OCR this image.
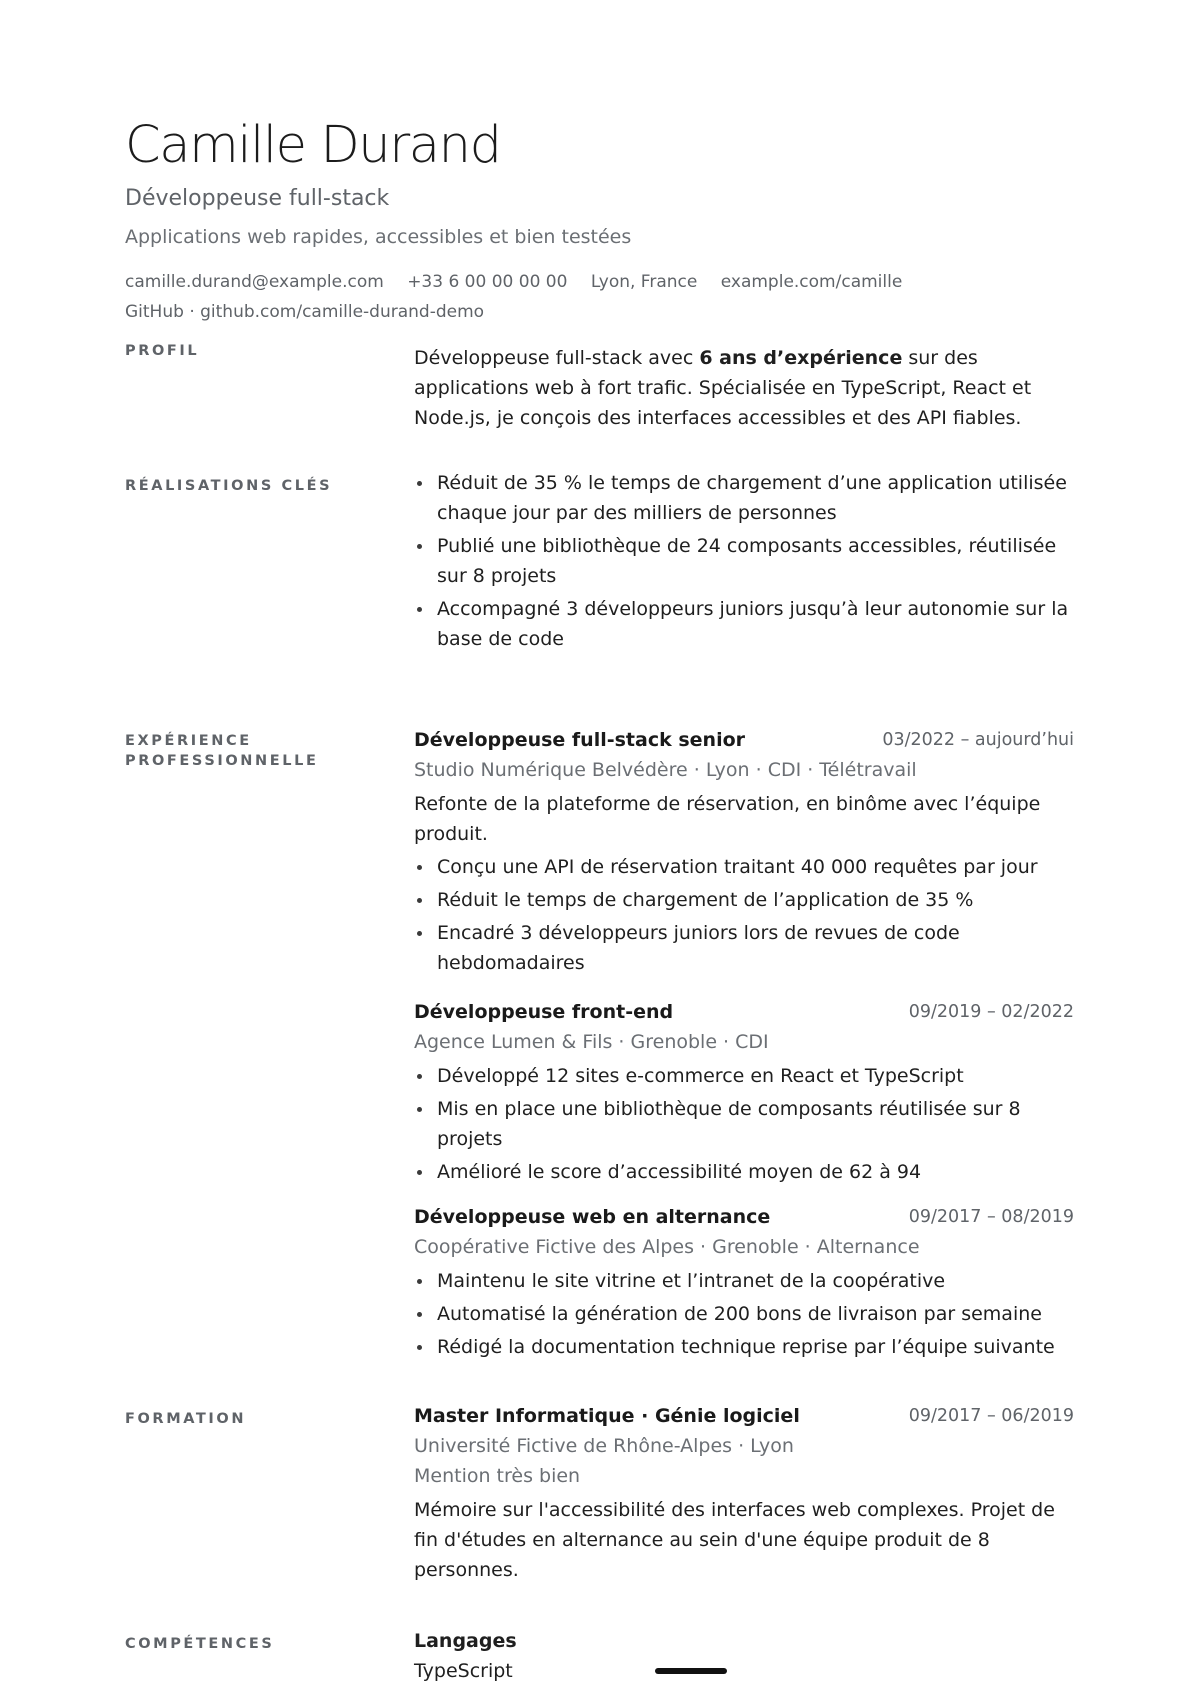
Camille Durand
Développeuse full-stack
Applications web rapides, accessibles et bien testées
camille.durand@example.com +33 6 00 00 00 00 Lyon, France example.com/camille
GitHub · github.com/camille-durand-demo
PROFIL	Développeuse full-stack avec 6 ans d’expérience sur des applications web à fort trafic. Spécialisée en TypeScript, React et Node.js, je conçois des interfaces accessibles et des API fiables.
RÉALISATIONS CLÉS	Réduit de 35 % le temps de chargement d’une application utilisée chaque jour par des milliers de personnes
Publié une bibliothèque de 24 composants accessibles, réutilisée sur 8 projets
Accompagné 3 développeurs juniors jusqu’à leur autonomie sur la base de code
EXPÉRIENCE
PROFESSIONNELLE
Développeuse full-stack senior	03/2022 – aujourd’hui
Studio Numérique Belvédère · Lyon · CDI · Télétravail
Refonte de la plateforme de réservation, en binôme avec l’équipe produit.
Conçu une API de réservation traitant 40 000 requêtes par jour
Réduit le temps de chargement de l’application de 35 %
Encadré 3 développeurs juniors lors de revues de code hebdomadaires
Développeuse front-end	09/2019 – 02/2022
Agence Lumen & Fils · Grenoble · CDI
Développé 12 sites e-commerce en React et TypeScript
Mis en place une bibliothèque de composants réutilisée sur 8 projets
Amélioré le score d’accessibilité moyen de 62 à 94
Développeuse web en alternance	09/2017 – 08/2019
Coopérative Fictive des Alpes · Grenoble · Alternance
Maintenu le site vitrine et l’intranet de la coopérative
Automatisé la génération de 200 bons de livraison par semaine
Rédigé la documentation technique reprise par l’équipe suivante
FORMATION	Master Informatique · Génie logiciel	09/2017 – 06/2019
Université Fictive de Rhône-Alpes · Lyon
Mention très bien
Mémoire sur l'accessibilité des interfaces web complexes. Projet de fin d'études en alternance au sein d'une équipe produit de 8 personnes.
COMPÉTENCES	Langages
TypeScript
